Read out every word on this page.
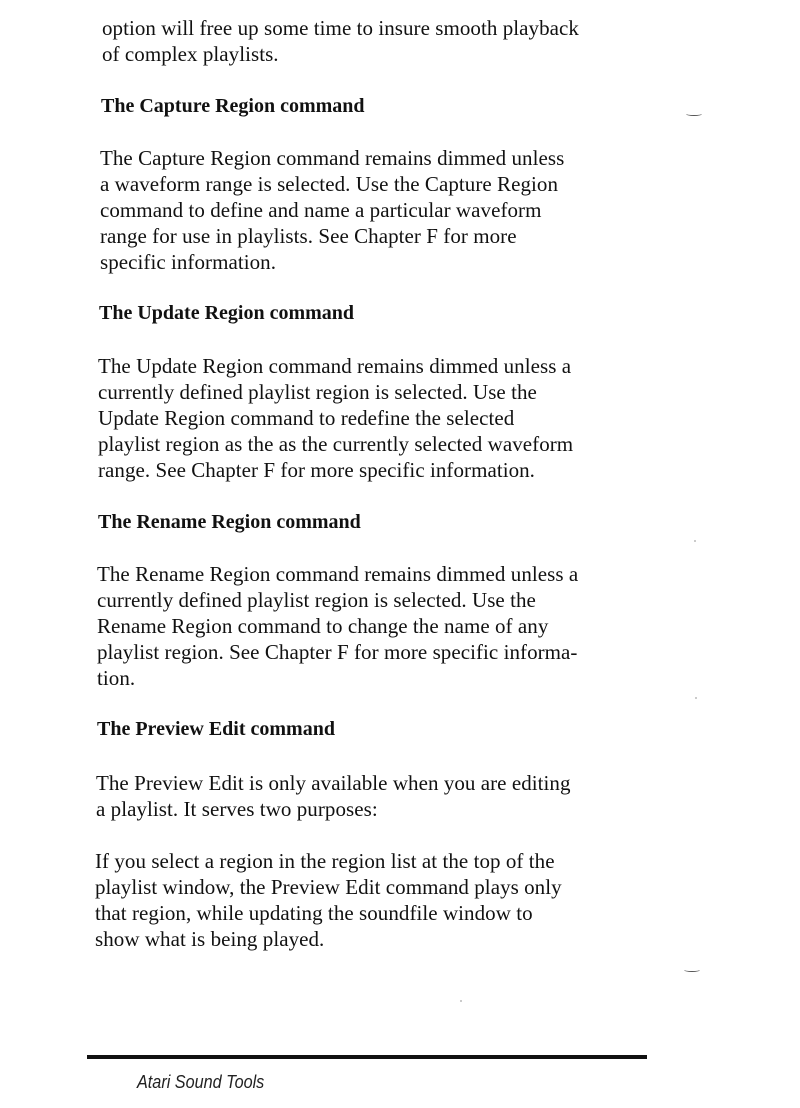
option will free up some time to insure smooth playback
of complex playlists.

The Capture Region command

The Capture Region command remains dimmed unless
a waveform range is selected. Use the Capture Region
command to define and name a particular waveform
range for use in playlists. See Chapter F for more
specific information.

The Update Region command

The Update Region command remains dimmed unless a
currently defined playlist region is selected. Use the
Update Region command to redefine the selected
playlist region as the as the currently selected waveform
range. See Chapter F for more specific information.

The Rename Region command

The Rename Region command remains dimmed unless a
currently defined playlist region is selected. Use the
Rename Region command to change the name of any
playlist region. See Chapter F for more specific informa-
tion.

The Preview Edit command

The Preview Edit is only available when you are editing
a playlist. It serves two purposes:

If you select a region in the region list at the top of the
playlist window, the Preview Edit command plays only
that region, while updating the soundfile window to
show what is being played.

Atari Sound Tools
